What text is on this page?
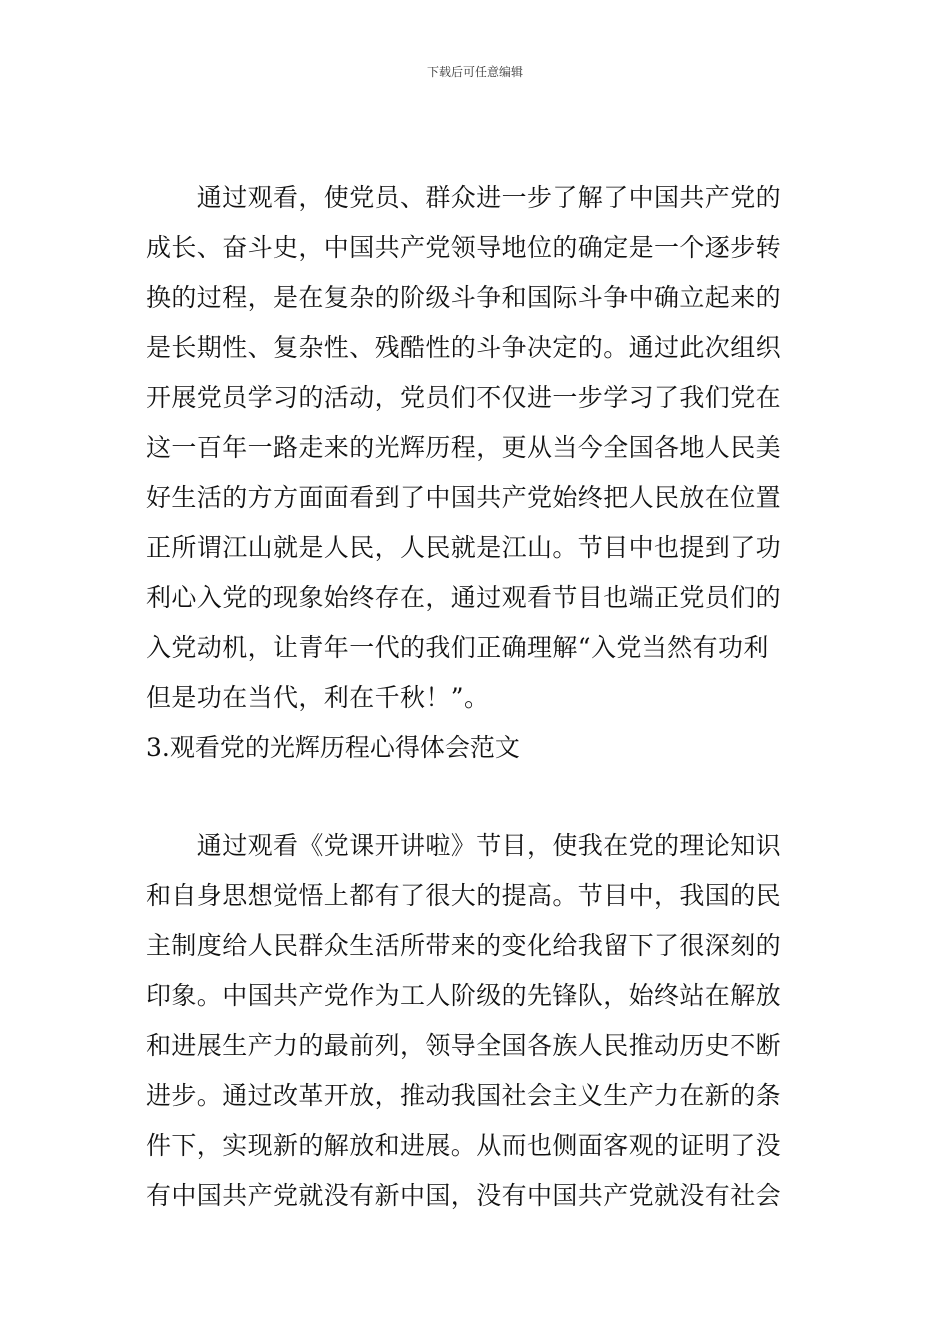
下载后可任意编辑
　　通过观看，使党员、群众进一步了解了中国共产党的
成长、奋斗史，中国共产党领导地位的确定是一个逐步转
换的过程，是在复杂的阶级斗争和国际斗争中确立起来的
是长期性、复杂性、残酷性的斗争决定的。通过此次组织
开展党员学习的活动，党员们不仅进一步学习了我们党在
这一百年一路走来的光辉历程，更从当今全国各地人民美
好生活的方方面面看到了中国共产党始终把人民放在位置
正所谓江山就是人民，人民就是江山。节目中也提到了功
利心入党的现象始终存在，通过观看节目也端正党员们的
入党动机，让青年一代的我们正确理解“入党当然有功利
但是功在当代，利在千秋！”。
3.观看党的光辉历程心得体会范文
　　通过观看《党课开讲啦》节目，使我在党的理论知识
和自身思想觉悟上都有了很大的提高。节目中，我国的民
主制度给人民群众生活所带来的变化给我留下了很深刻的
印象。中国共产党作为工人阶级的先锋队，始终站在解放
和进展生产力的最前列，领导全国各族人民推动历史不断
进步。通过改革开放，推动我国社会主义生产力在新的条
件下，实现新的解放和进展。从而也侧面客观的证明了没
有中国共产党就没有新中国，没有中国共产党就没有社会
